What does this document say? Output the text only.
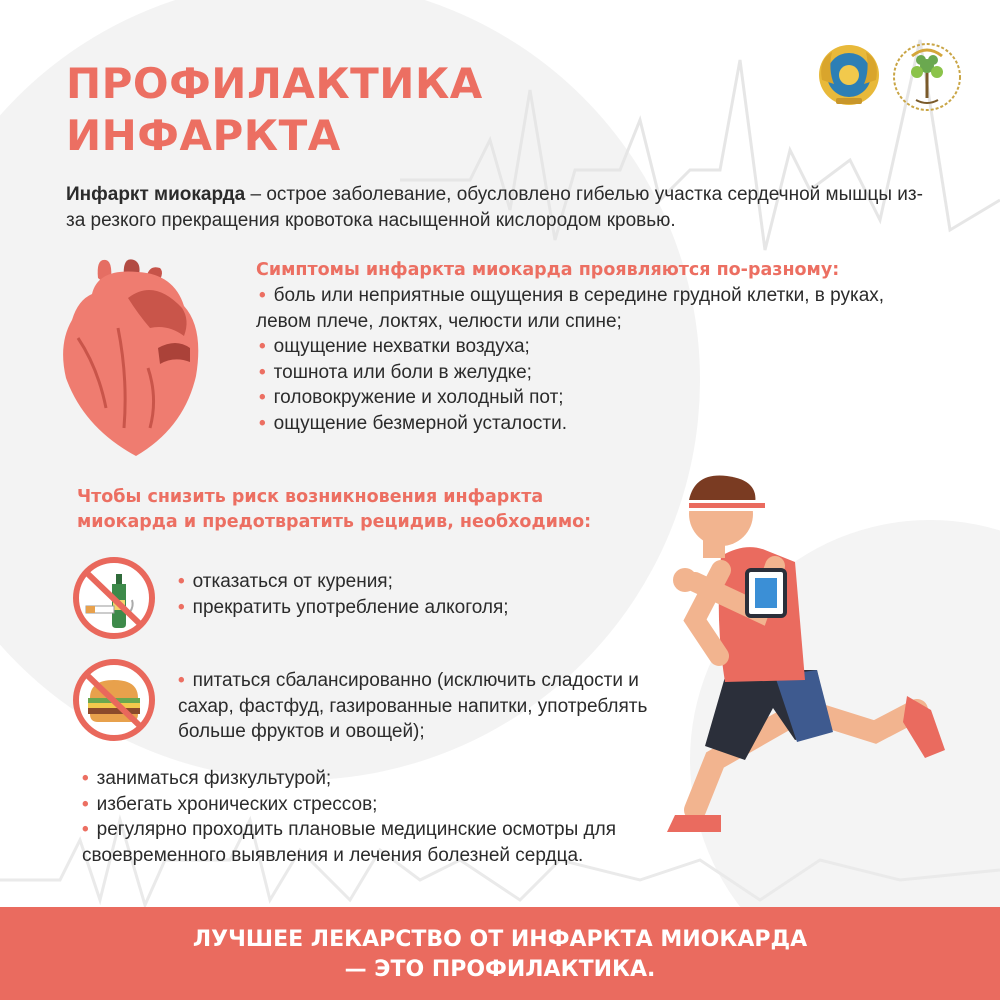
ПРОФИЛАКТИКА
ИНФАРКТА

Инфаркт миокарда – острое заболевание, обусловлено гибелью участка сердечной мышцы из-за резкого прекращения кровотока насыщенной кислородом кровью.

Симптомы инфаркта миокарда проявляются по-разному:
• боль или неприятные ощущения в середине грудной клетки, в руках, левом плече, локтях, челюсти или спине;
• ощущение нехватки воздуха;
• тошнота или боли в желудке;
• головокружение и холодный пот;
• ощущение безмерной усталости.
Чтобы снизить риск возникновения инфаркта
миокарда и предотвратить рецидив, необходимо:
• отказаться от курения;
• прекратить употребление алкоголя;
• питаться сбалансированно (исключить сладости и сахар, фастфуд, газированные напитки, употреблять больше фруктов и овощей);
• заниматься физкультурой;
• избегать хронических стрессов;
• регулярно проходить плановые медицинские осмотры для своевременного выявления и лечения болезней сердца.
ЛУЧШЕЕ ЛЕКАРСТВО ОТ ИНФАРКТА МИОКАРДА
— ЭТО ПРОФИЛАКТИКА.
